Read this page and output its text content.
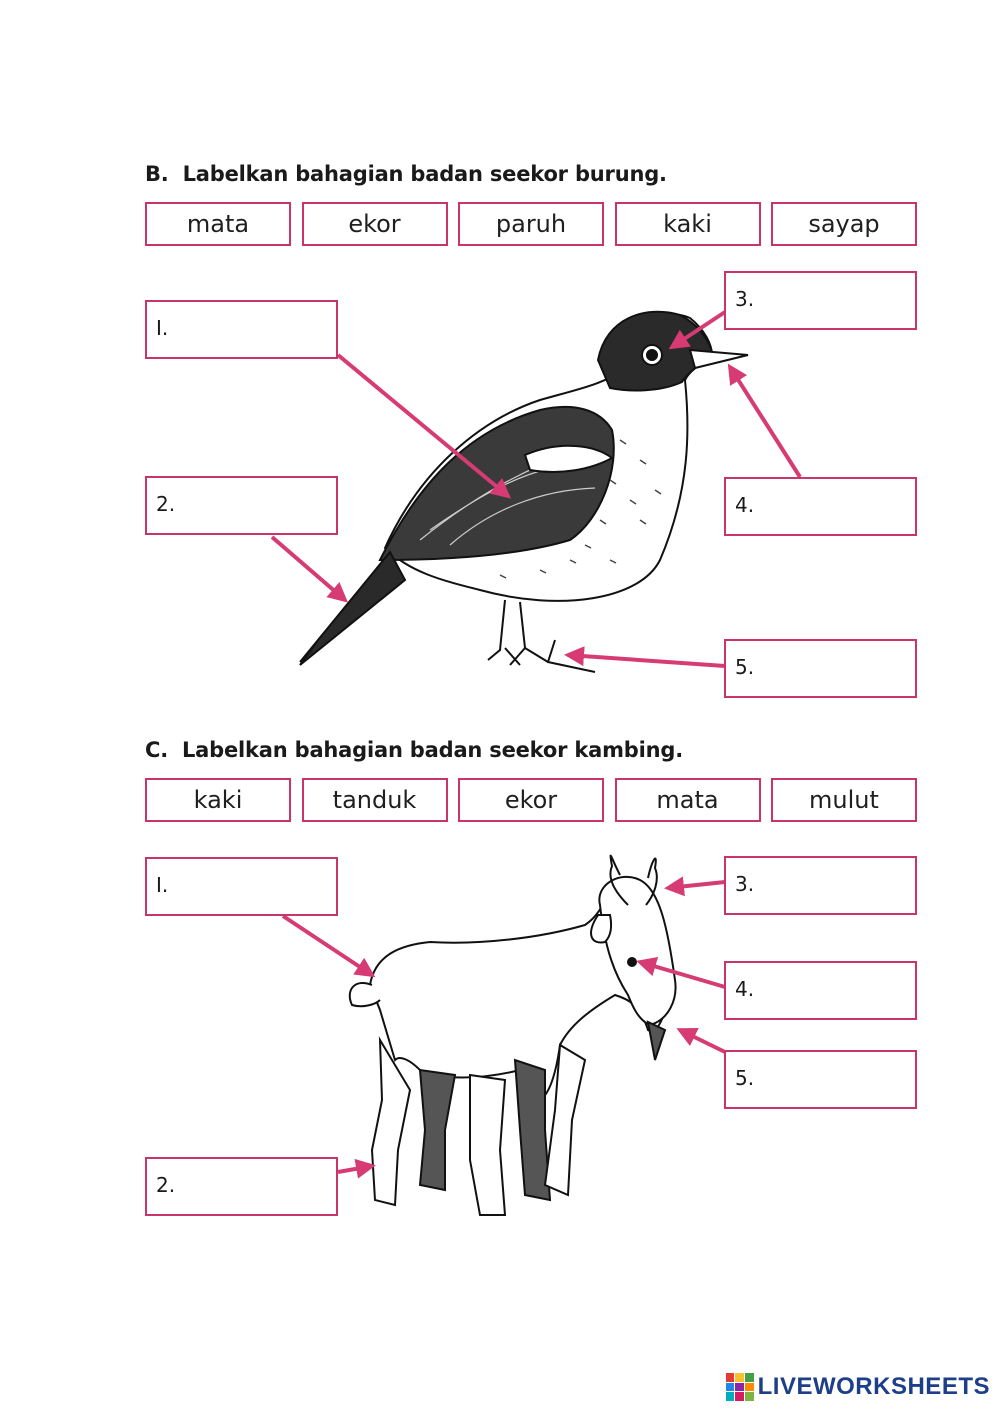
B. Labelkan bahagian badan seekor burung.
mata	ekor	paruh	kaki	sayap
C. Labelkan bahagian badan seekor kambing.
kaki	tanduk	ekor	mata	mulut
I.
2.
3.
4.
5.
I.
2.
3.
4.
5.
LIVEWORKSHEETS
